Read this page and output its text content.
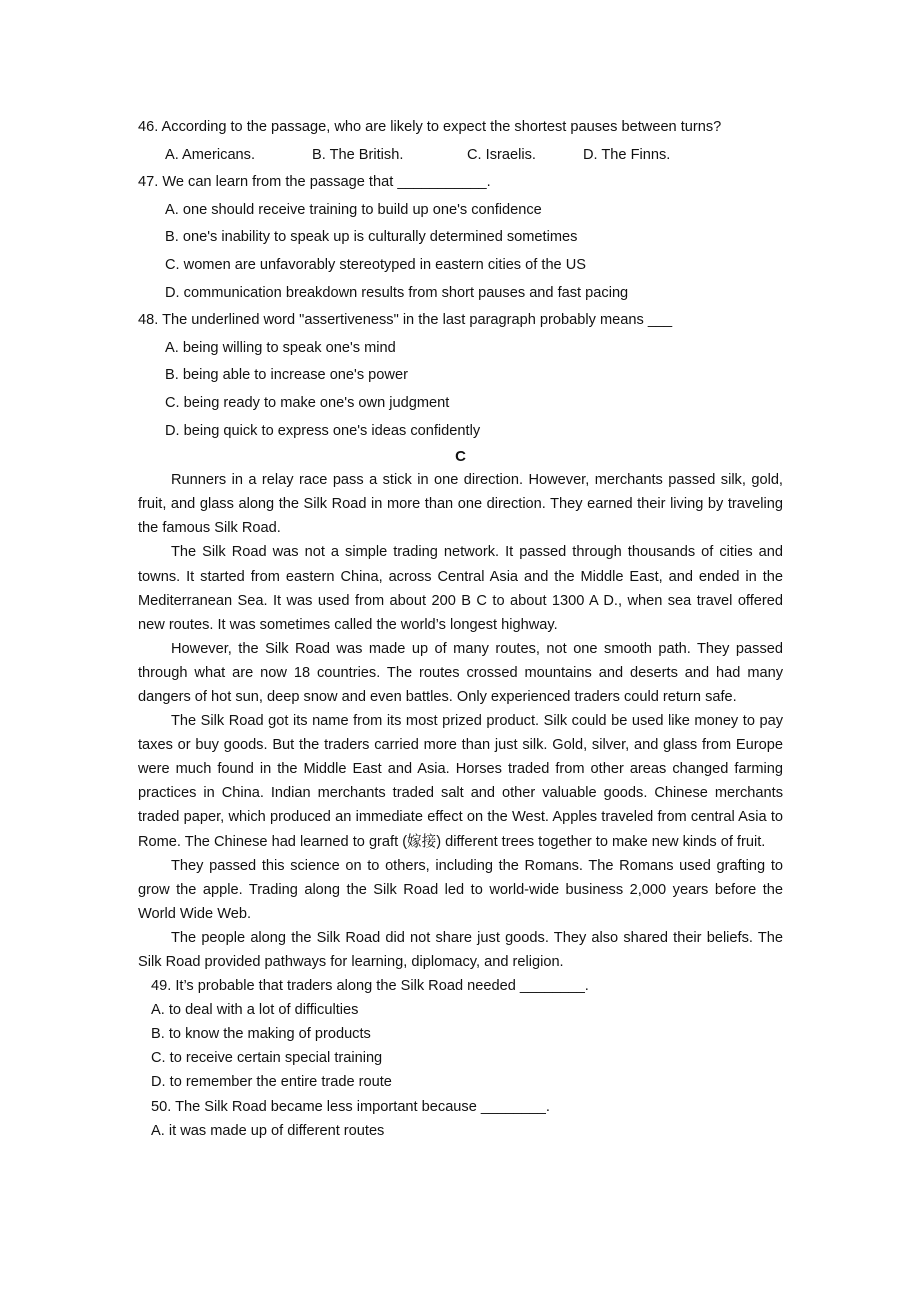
46. According to the passage, who are likely to expect the shortest pauses between turns?
A. Americans.	B. The British.	C. Israelis.	D. The Finns.
47. We can learn from the passage that ___________.
A. one should receive training to build up one's confidence
B. one's inability to speak up is culturally determined sometimes
C. women are unfavorably stereotyped in eastern cities of the US
D. communication breakdown results from short pauses and fast pacing
48. The underlined word "assertiveness" in the last paragraph probably means ___
A. being willing to speak one's mind
B. being able to increase one's power
C. being ready to make one's own judgment
D. being quick to express one's ideas confidently
C

Runners in a relay race pass a stick in one direction. However, merchants passed silk, gold, fruit, and glass along the Silk Road in more than one direction. They earned their living by traveling the famous Silk Road.

The Silk Road was not a simple trading network. It passed through thousands of cities and towns. It started from eastern China, across Central Asia and the Middle East, and ended in the Mediterranean Sea. It was used from about 200 B C to about 1300 A D., when sea travel offered new routes. It was sometimes called the world’s longest highway.

However, the Silk Road was made up of many routes, not one smooth path. They passed through what are now 18 countries. The routes crossed mountains and deserts and had many dangers of hot sun, deep snow and even battles. Only experienced traders could return safe.

The Silk Road got its name from its most prized product. Silk could be used like money to pay taxes or buy goods. But the traders carried more than just silk. Gold, silver, and glass from Europe were much found in the Middle East and Asia. Horses traded from other areas changed farming practices in China. Indian merchants traded salt and other valuable goods. Chinese merchants traded paper, which produced an immediate effect on the West. Apples traveled from central Asia to Rome. The Chinese had learned to graft (嫁接) different trees together to make new kinds of fruit.

They passed this science on to others, including the Romans. The Romans used grafting to grow the apple. Trading along the Silk Road led to world-wide business 2,000 years before the World Wide Web.

The people along the Silk Road did not share just goods. They also shared their beliefs. The Silk Road provided pathways for learning, diplomacy, and religion.

49. It’s probable that traders along the Silk Road needed ________.
A. to deal with a lot of difficulties
B. to know the making of products
C. to receive certain special training
D. to remember the entire trade route
50. The Silk Road became less important because ________.
A. it was made up of different routes
